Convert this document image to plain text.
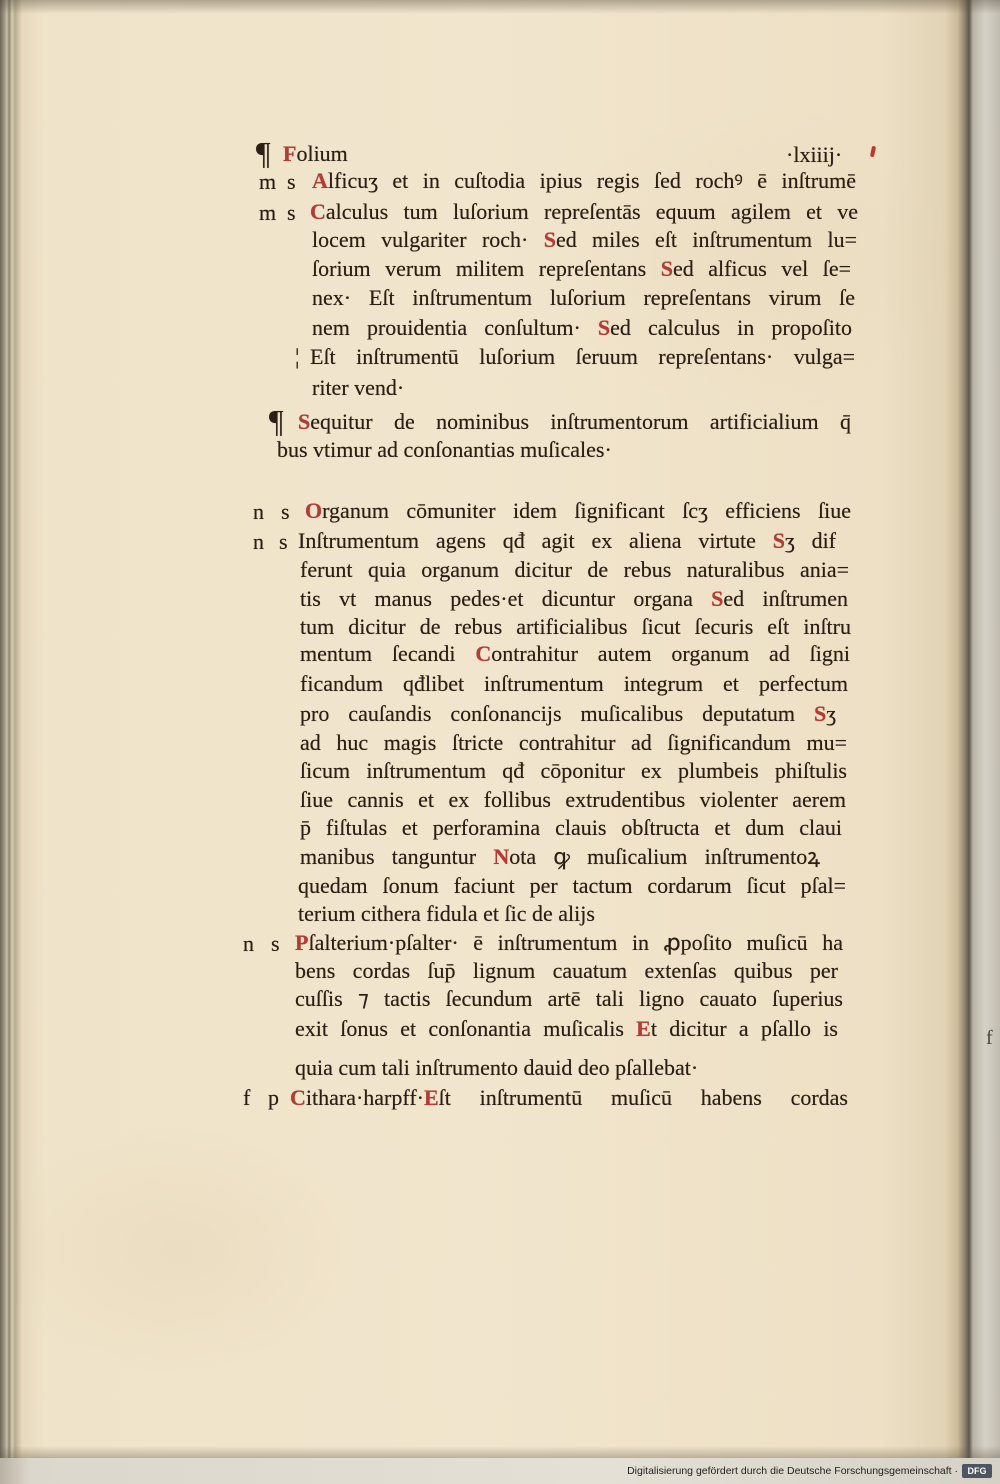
¶ Folium	·lxiiij·
m s
m s
¦
¶
n s
n s
n s
f p
Alficuʒ et in cuſtodia ipius regis ſed rochꝰ ē inſtrumē
Calculus tum luſorium repreſentās equum agilem et ve
locem vulgariter roch· Sed miles eſt inſtrumentum lu=
ſorium verum militem repreſentans Sed alficus vel ſe=
nex· Eſt inſtrumentum luſorium repreſentans virum ſe
nem prouidentia conſultum· Sed calculus in propoſito
Eſt inſtrumentū luſorium ſeruum repreſentans· vulga=
riter vend·
Sequitur de nominibus inſtrumentorum artificialium q̄
bus vtimur ad conſonantias muſicales·
Organum cōmuniter idem ſignificant ſcʒ efficiens ſiue
Inſtrumentum agens qđ agit ex aliena virtute Sʒ dif
ferunt quia organum dicitur de rebus naturalibus ania=
tis vt manus pedes·et dicuntur organa Sed inſtrumen
tum dicitur de rebus artificialibus ſicut ſecuris eſt inſtru
mentum ſecandi Contrahitur autem organum ad ſigni
ficandum qđlibet inſtrumentum integrum et perfectum
pro cauſandis conſonancijs muſicalibus deputatum Sʒ
ad huc magis ſtricte contrahitur ad ſignificandum mu=
ſicum inſtrumentum qđ cōponitur ex plumbeis phiſtulis
ſiue cannis et ex follibus extrudentibus violenter aerem
p̄ fiſtulas et perforamina clauis obſtructa et dum claui
manibus tanguntur Nota ꝙ muſicalium inſtrumentoꝝ
quedam ſonum faciunt per tactum cordarum ſicut pſal=
terium cithera fidula et ſic de alijs
Pſalterium·pſalter· ē inſtrumentum in ꝓpoſito muſicū ha
bens cordas ſup̄ lignum cauatum extenſas quibus per
cuſſis ⁊ tactis ſecundum artē tali ligno cauato ſuperius
exit ſonus et conſonantia muſicalis Et dicitur a pſallo is
quia cum tali inſtrumento dauid deo pſallebat·
Cithara·harpff·Eſt inſtrumentū muſicū habens cordas
f
Digitalisierung gefördert durch die Deutsche Forschungsgemeinschaft ·	DFG
